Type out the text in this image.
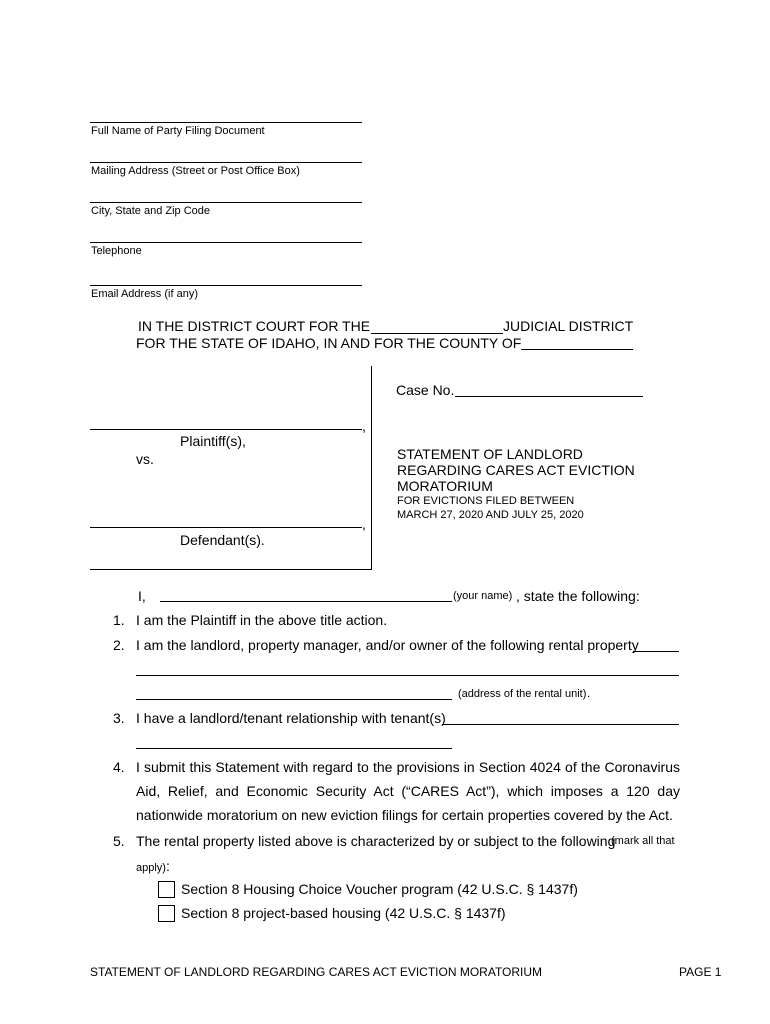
Full Name of Party Filing Document
Mailing Address (Street or Post Office Box)
City, State and Zip Code
Telephone
Email Address (if any)
IN THE DISTRICT COURT FOR THE	JUDICIAL DISTRICT
FOR THE STATE OF IDAHO, IN AND FOR THE COUNTY OF
,
Plaintiff(s),
vs.
,
Defendant(s).
Case No.
STATEMENT OF LANDLORD
REGARDING CARES ACT EVICTION
MORATORIUM
FOR EVICTIONS FILED BETWEEN
MARCH 27, 2020 AND JULY 25, 2020
I,	(your name) , state the following:
1. I am the Plaintiff in the above title action.
2. I am the landlord, property manager, and/or owner of the following rental property
(address of the rental unit) .
3. I have a landlord/tenant relationship with tenant(s)
4. I submit this Statement with regard to the provisions in Section 4024 of the Coronavirus
Aid, Relief, and Economic Security Act (“CARES Act”), which imposes a 120 day
nationwide moratorium on new eviction filings for certain properties covered by the Act.
5. The rental property listed above is characterized by or subject to the following
(mark all that
apply):
Section 8 Housing Choice Voucher program (42 U.S.C. § 1437f)
Section 8 project-based housing (42 U.S.C. § 1437f)
STATEMENT OF LANDLORD REGARDING CARES ACT EVICTION MORATORIUM	PAGE 1
